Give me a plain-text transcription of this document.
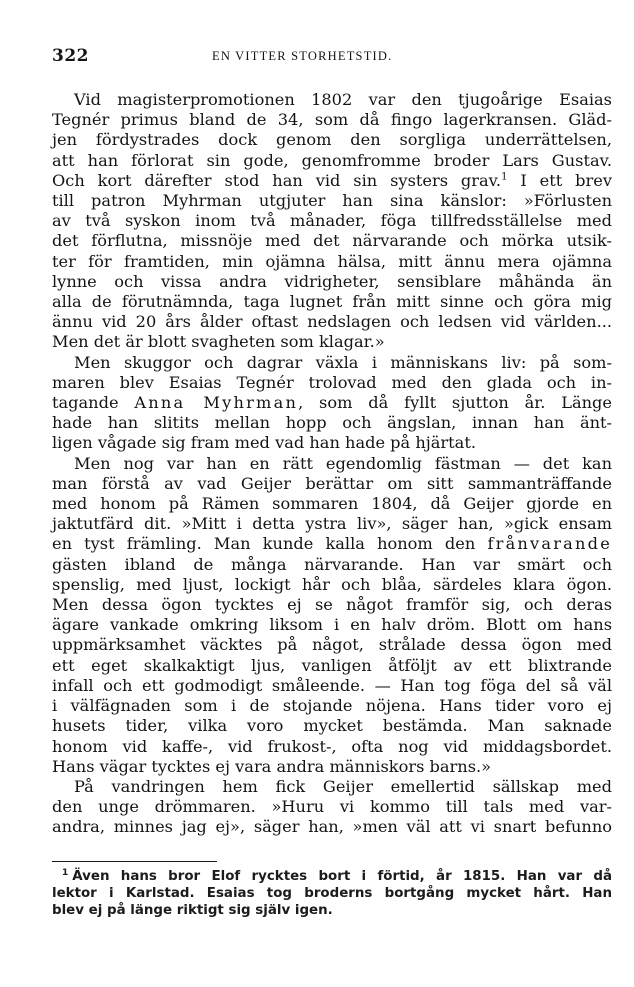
322	EN VITTER STORHETSTID.
Vid magisterpromotionen 1802 var den tjugoårige Esaias
Tegnér primus bland de 34, som då fingo lagerkransen. Gläd-
jen fördystrades dock genom den sorgliga underrättelsen,
att han förlorat sin gode, genomfromme broder Lars Gustav.
Och kort därefter stod han vid sin systers grav.$^1$ I ett brev
till patron Myhrman utgjuter han sina känslor: »Förlusten
av två syskon inom två månader, föga tillfredsställelse med
det förflutna, missnöje med det närvarande och mörka utsik-
ter för framtiden, min ojämna hälsa, mitt ännu mera ojämna
lynne och vissa andra vidrigheter, sensiblare måhända än
alla de förutnämnda, taga lugnet från mitt sinne och göra mig
ännu vid 20 års ålder oftast nedslagen och ledsen vid världen...
Men det är blott svagheten som klagar.»
Men skuggor och dagrar växla i människans liv: på som-
maren blev Esaias Tegnér trolovad med den glada och in-
tagande Anna Myhrman, som då fyllt sjutton år. Länge
hade han slitits mellan hopp och ängslan, innan han änt-
ligen vågade sig fram med vad han hade på hjärtat.
Men nog var han en rätt egendomlig fästman — det kan
man förstå av vad Geijer berättar om sitt sammanträffande
med honom på Rämen sommaren 1804, då Geijer gjorde en
jaktutfärd dit. »Mitt i detta ystra liv», säger han, »gick ensam
en tyst främling. Man kunde kalla honom den frånvarande
gästen ibland de många närvarande. Han var smärt och
spenslig, med ljust, lockigt hår och blåa, särdeles klara ögon.
Men dessa ögon tycktes ej se något framför sig, och deras
ägare vankade omkring liksom i en halv dröm. Blott om hans
uppmärksamhet väcktes på något, strålade dessa ögon med
ett eget skalkaktigt ljus, vanligen åtföljt av ett blixtrande
infall och ett godmodigt småleende. — Han tog föga del så väl
i välfägnaden som i de stojande nöjena. Hans tider voro ej
husets tider, vilka voro mycket bestämda. Man saknade
honom vid kaffe-, vid frukost-, ofta nog vid middagsbordet.
Hans vägar tycktes ej vara andra människors barns.»
På vandringen hem fick Geijer emellertid sällskap med
den unge drömmaren. »Huru vi kommo till tals med var-
andra, minnes jag ej», säger han, »men väl att vi snart befunno
$^1$ Även hans bror Elof rycktes bort i förtid, år 1815. Han var då
lektor i Karlstad. Esaias tog broderns bortgång mycket hårt. Han
blev ej på länge riktigt sig själv igen.
